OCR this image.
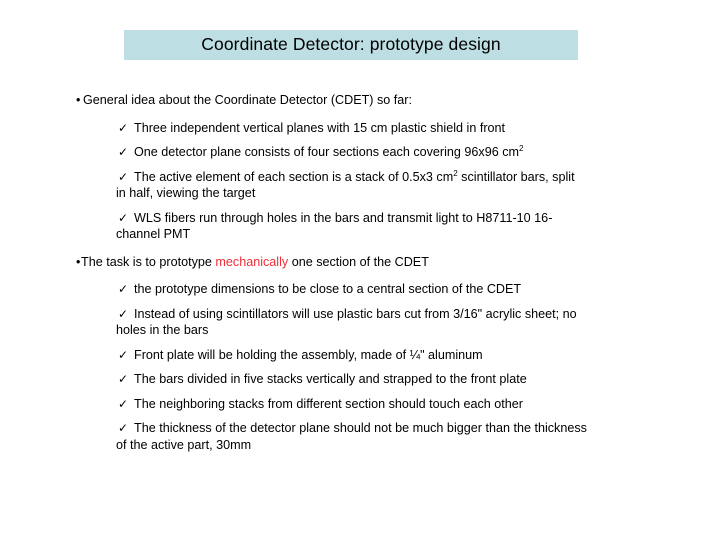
Coordinate Detector: prototype design
• General idea about the Coordinate Detector (CDET) so far:
✓ Three independent vertical planes with 15 cm plastic shield in front
✓ One detector plane consists of four sections each covering 96x96 $cm^2$
✓ The active element of each section is a stack of 0.5x3 $cm^2$ scintillator bars, split in half, viewing the target
✓ WLS fibers run through holes in the bars and transmit light to H8711-10 16-channel PMT
• The task is to prototype mechanically one section of the CDET
✓ the prototype dimensions to be close to a central section of the CDET
✓ Instead of using scintillators will use plastic bars cut from 3/16" acrylic sheet; no holes in the bars
✓ Front plate will be holding the assembly, made of ¼" aluminum
✓ The bars divided in five stacks vertically and strapped to the front plate
✓ The neighboring stacks from different section should touch each other
✓ The thickness of the detector plane should not be much bigger than the thickness of the active part, 30mm
